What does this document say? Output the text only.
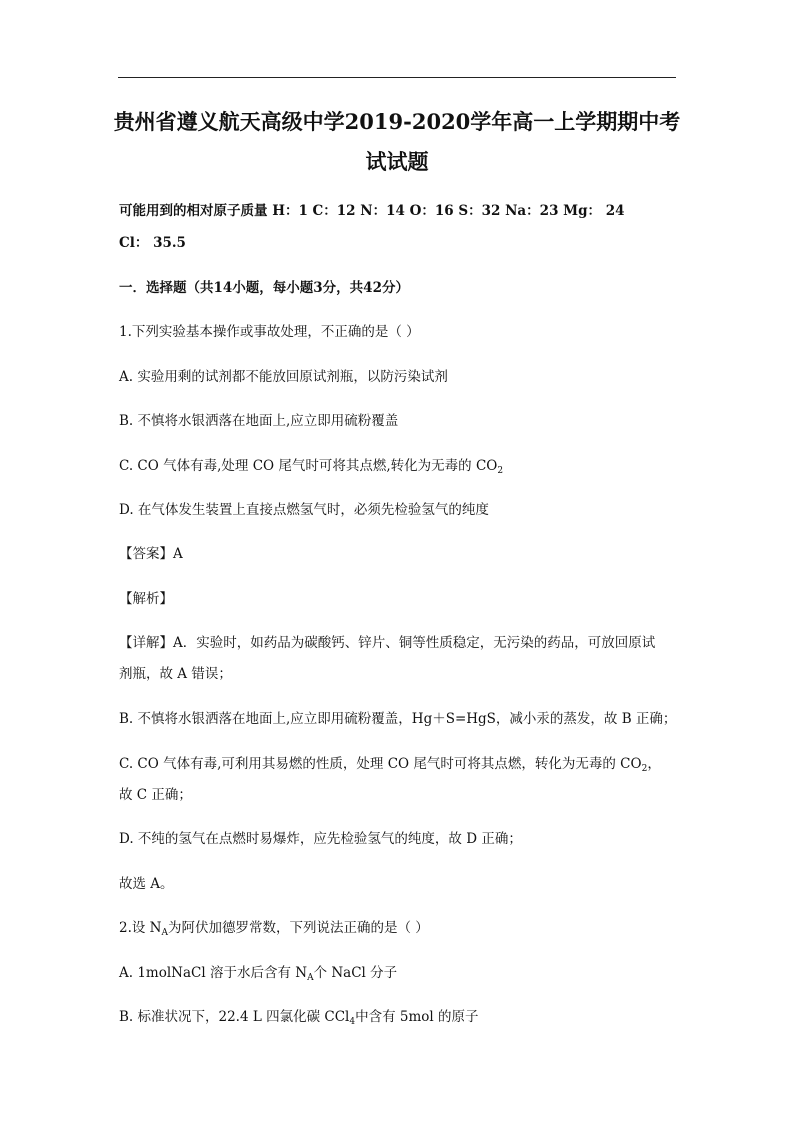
贵州省遵义航天高级中学2019-2020学年高一上学期期中考
试试题
可能用到的相对原子质量 H：1 C：12 N：14 O：16 S：32 Na：23 Mg： 24
Cl： 35.5
一．选择题（共14小题，每小题3分，共42分）
1.下列实验基本操作或事故处理，不正确的是（ ）
A. 实验用剩的试剂都不能放回原试剂瓶，以防污染试剂
B. 不慎将水银洒落在地面上,应立即用硫粉覆盖
C. CO 气体有毒,处理 CO 尾气时可将其点燃,转化为无毒的 $CO_2$
D. 在气体发生装置上直接点燃氢气时，必须先检验氢气的纯度
【答案】A
【解析】
【详解】A．实验时，如药品为碳酸钙、锌片、铜等性质稳定，无污染的药品，可放回原试
剂瓶，故 A 错误；
B. 不慎将水银洒落在地面上,应立即用硫粉覆盖，Hg＋S=HgS，减小汞的蒸发，故 B 正确；
C. CO 气体有毒,可利用其易燃的性质，处理 CO 尾气时可将其点燃，转化为无毒的 $CO_2$，
故 C 正确；
D. 不纯的氢气在点燃时易爆炸，应先检验氢气的纯度，故 D 正确；
故选 A。
2.设 $N_A$为阿伏加德罗常数，下列说法正确的是（ ）
A. 1molNaCl 溶于水后含有 $N_A$个 NaCl 分子
B. 标准状况下，22.4 L 四氯化碳 CCl$_4$中含有 5mol 的原子
